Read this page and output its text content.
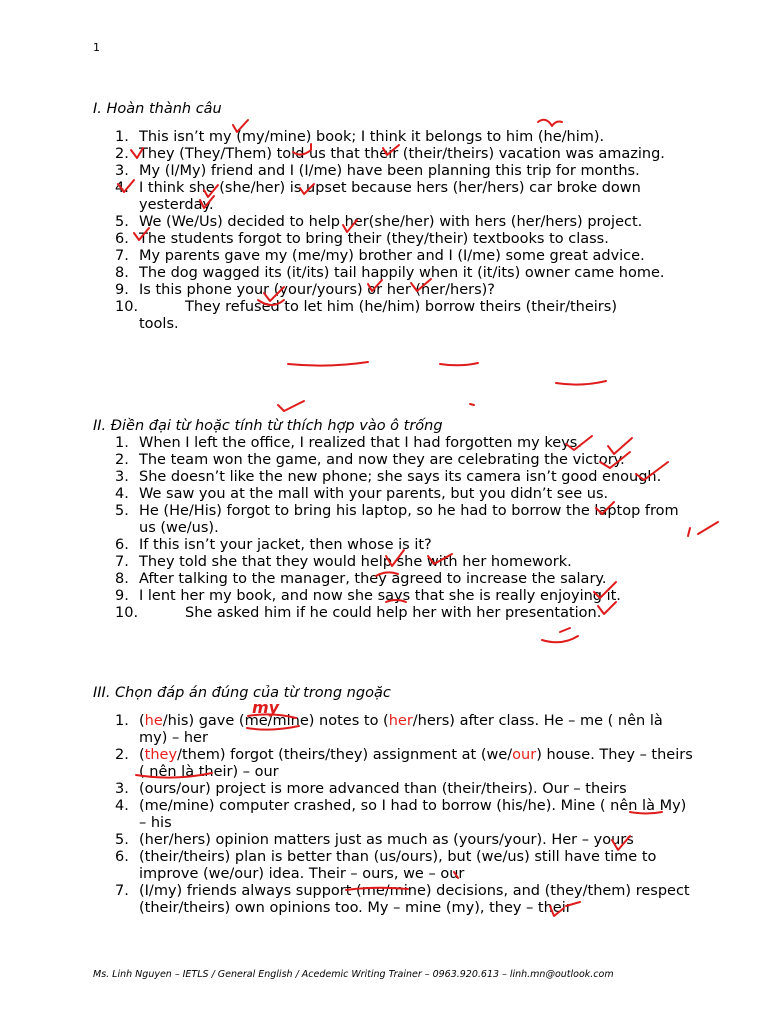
1
I. Hoàn thành câu
1. This isn’t my (my/mine) book; I think it belongs to him (he/him).
2. They (They/Them) told us that their (their/theirs) vacation was amazing.
3. My (I/My) friend and I (I/me) have been planning this trip for months.
4. I think she (she/her) is upset because hers (her/hers) car broke down yesterday.
5. We (We/Us) decided to help her(she/her) with hers (her/hers) project.
6. The students forgot to bring their (they/their) textbooks to class.
7. My parents gave my (me/my) brother and I (I/me) some great advice.
8. The dog wagged its (it/its) tail happily when it (it/its) owner came home.
9. Is this phone your (your/yours) or her (her/hers)?
10.	They refused to let him (he/him) borrow theirs (their/theirs)
tools.
II. Điền đại từ hoặc tính từ thích hợp vào ô trống
1. When I left the office, I realized that I had forgotten my keys.
2. The team won the game, and now they are celebrating the victory.
3. She doesn’t like the new phone; she says its camera isn’t good enough.
4. We saw you at the mall with your parents, but you didn’t see us.
5. He (He/His) forgot to bring his laptop, so he had to borrow the laptop from us (we/us).
6. If this isn’t your jacket, then whose is it?
7. They told she that they would help she with her homework.
8. After talking to the manager, they agreed to increase the salary.
9. I lent her my book, and now she says that she is really enjoying it.
10.	She asked him if he could help her with her presentation.
III. Chọn đáp án đúng của từ trong ngoặc
1. (he/his) gave (me/mine) notes to (her/hers) after class. He – me ( nên là my) – her
2. (they/them) forgot (theirs/they) assignment at (we/our) house. They – theirs ( nên là their) – our
3. (ours/our) project is more advanced than (their/theirs). Our – theirs
4. (me/mine) computer crashed, so I had to borrow (his/he). Mine ( nên là My) – his
5. (her/hers) opinion matters just as much as (yours/your). Her – yours
6. (their/theirs) plan is better than (us/ours), but (we/us) still have time to improve (we/our) idea. Their – ours, we – our
7. (I/my) friends always support (me/mine) decisions, and (they/them) respect (their/theirs) own opinions too. My – mine (my), they – their
Ms. Linh Nguyen – IETLS / General English / Acedemic Writing Trainer – 0963.920.613 – linh.mn@outlook.com
my
